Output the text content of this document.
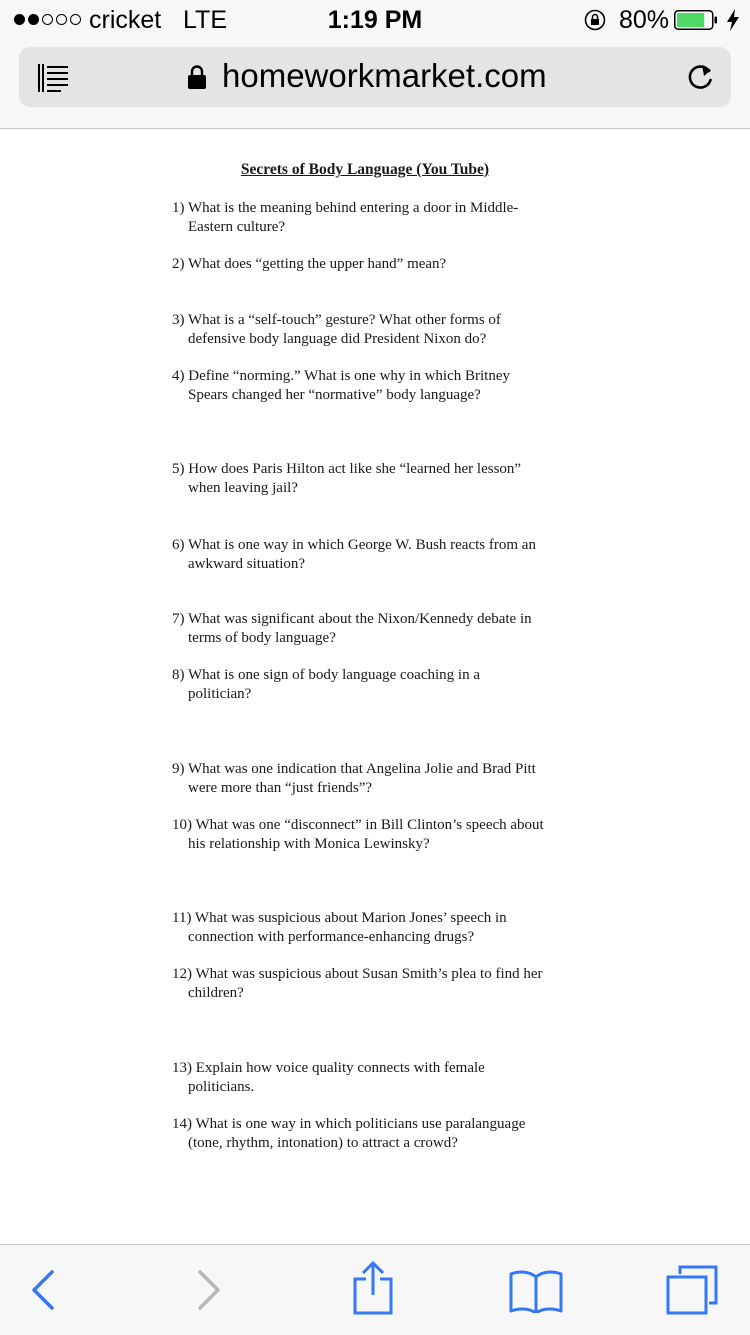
cricket LTE	1:19 PM	80%
homeworkmarket.com
Secrets of Body Language (You Tube)
1) What is the meaning behind entering a door in Middle-
Eastern culture?
2) What does “getting the upper hand” mean?
3) What is a “self-touch” gesture? What other forms of
defensive body language did President Nixon do?
4) Define “norming.” What is one why in which Britney
Spears changed her “normative” body language?
5) How does Paris Hilton act like she “learned her lesson”
when leaving jail?
6) What is one way in which George W. Bush reacts from an
awkward situation?
7) What was significant about the Nixon/Kennedy debate in
terms of body language?
8) What is one sign of body language coaching in a
politician?
9) What was one indication that Angelina Jolie and Brad Pitt
were more than “just friends”?
10) What was one “disconnect” in Bill Clinton’s speech about
his relationship with Monica Lewinsky?
11) What was suspicious about Marion Jones’ speech in
connection with performance-enhancing drugs?
12) What was suspicious about Susan Smith’s plea to find her
children?
13) Explain how voice quality connects with female
politicians.
14) What is one way in which politicians use paralanguage
(tone, rhythm, intonation) to attract a crowd?
